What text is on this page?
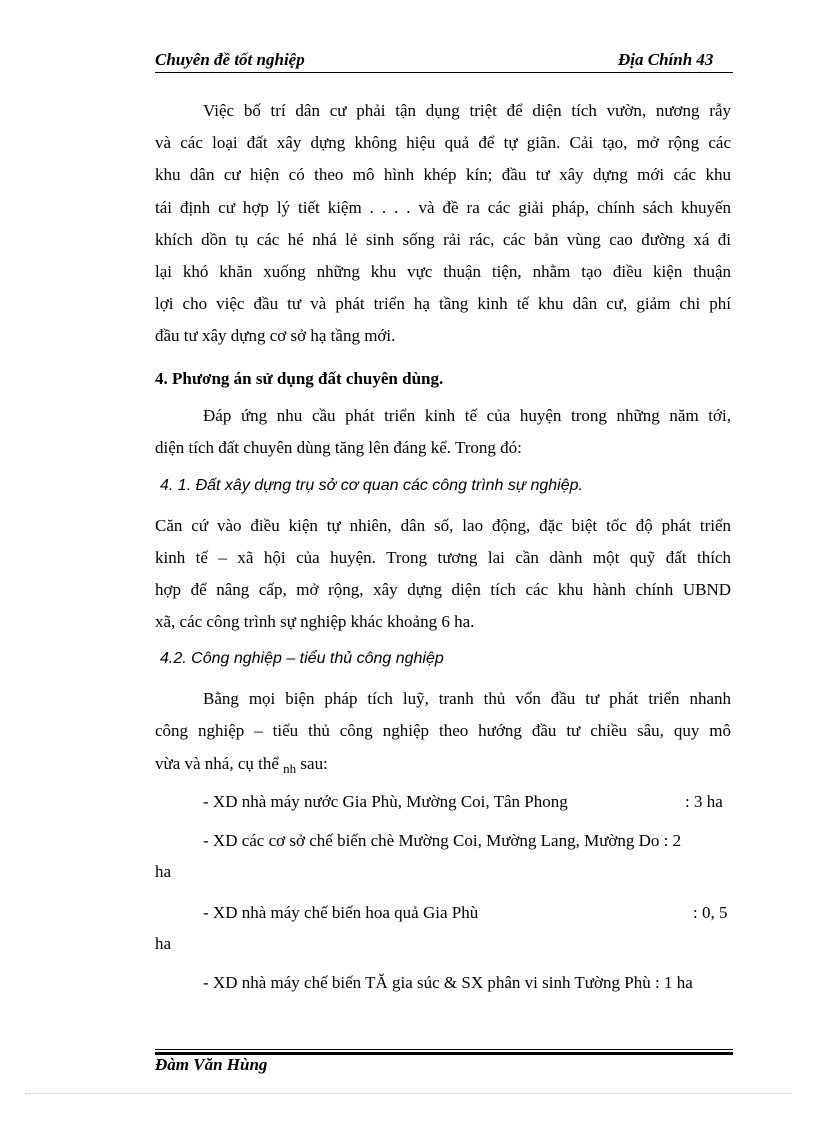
Chuyên đề tốt nghiệp	Địa Chính 43
Việc bố trí dân cư phải tận dụng triệt để diện tích vườn, nương rẫy
và các loại đất xây dựng không hiệu quả để tự giãn. Cải tạo, mở rộng các
khu dân cư hiện có theo mô hình khép kín; đầu tư xây dựng mới các khu
tái định cư hợp lý tiết kiệm . . . . và đề ra các giải pháp, chính sách khuyến
khích dồn tụ các hé nhá lẻ sinh sống rải rác, các bản vùng cao đường xá đi
lại khó khăn xuống những khu vực thuận tiện, nhằm tạo điều kiện thuận
lợi cho việc đầu tư và phát triển hạ tầng kinh tế khu dân cư, giảm chi phí
đầu tư xây dựng cơ sở hạ tầng mới.
4. Phương án sử dụng đất chuyên dùng.
Đáp ứng nhu cầu phát triển kinh tế của huyện trong những năm tới,
diện tích đất chuyên dùng tăng lên đáng kể. Trong đó:
4. 1. Đất xây dựng trụ sở cơ quan các công trình sự nghiệp.
Căn cứ vào điều kiện tự nhiên, dân số, lao động, đặc biệt tốc độ phát triển
kinh tế – xã hội của huyện. Trong tương lai cần dành một quỹ đất thích
hợp để nâng cấp, mở rộng, xây dựng diện tích các khu hành chính UBND
xã, các công trình sự nghiệp khác khoảng 6 ha.
4.2. Công nghiệp – tiểu thủ công nghiệp
Bằng mọi biện pháp tích luỹ, tranh thủ vốn đầu tư phát triển nhanh
công nghiệp – tiểu thủ công nghiệp theo hướng đầu tư chiều sâu, quy mô
vừa và nhá, cụ thể $_{nh}$ sau:
- XD nhà máy nước Gia Phù, Mường Coi, Tân Phong	: 3 ha
- XD các cơ sở chế biến chè Mường Coi, Mường Lang, Mường Do : 2
ha
- XD nhà máy chế biến hoa quả Gia Phù	: 0, 5
ha
- XD nhà máy chế biến TĂ gia súc & SX phân vi sinh Tường Phù : 1 ha
Đàm Văn Hùng
